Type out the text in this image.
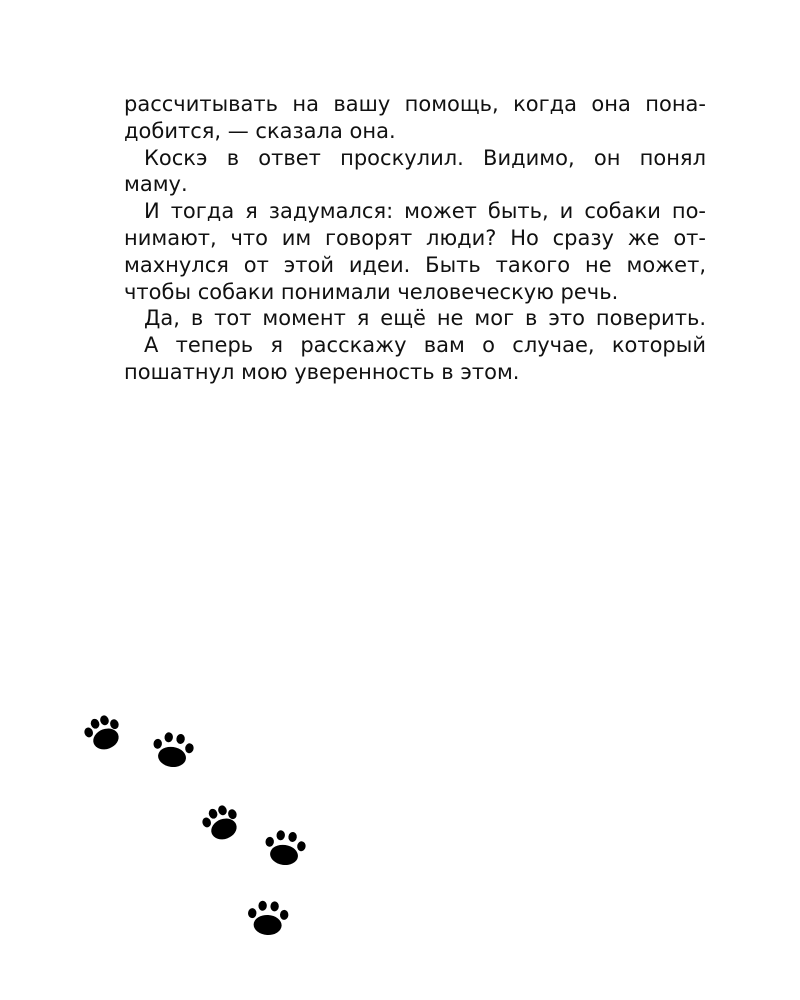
рассчитывать на вашу помощь, когда она пона-
добится, — сказала она.
Коскэ в ответ проскулил. Видимо, он понял
маму.
И тогда я задумался: может быть, и собаки по-
нимают, что им говорят люди? Но сразу же от-
махнулся от этой идеи. Быть такого не может,
чтобы собаки понимали человеческую речь.
Да, в тот момент я ещё не мог в это поверить.
А теперь я расскажу вам о случае, который
пошатнул мою уверенность в этом.
